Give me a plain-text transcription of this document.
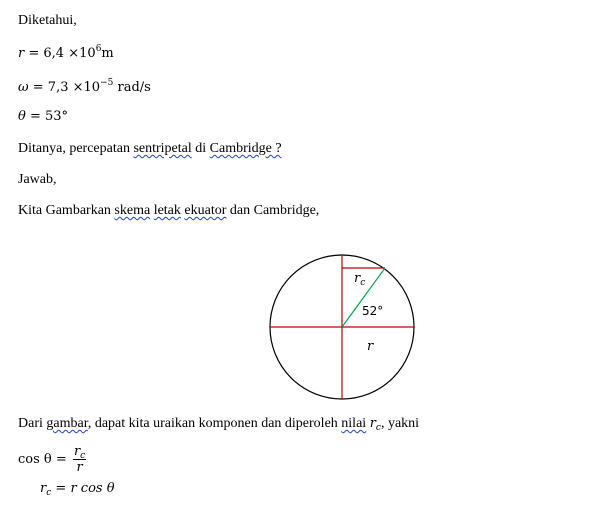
Diketahui,
$r = 6,4 \times 10^6m$
$\omega = 7,3 \times 10^{-5}$ rad/s
θ = 53°
Ditanya, percepatan sentripetal di Cambridge ?
Jawab,
Kita Gambarkan skema letak ekuator dan Cambridge,
$r_c$
52°
r
Dari gambar, dapat kita uraikan komponen dan diperoleh nilai $r_c$, yakni
$\cos \theta = \frac{r_c}{r}$
$r_c = r$ cos θ
